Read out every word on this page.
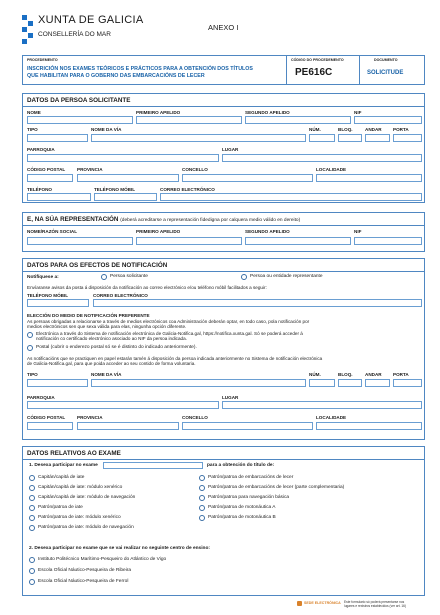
XUNTA DE GALICIA
CONSELLERÍA DO MAR
ANEXO I
PROCEDEMENTO
INSCRICIÓN NOS EXAMES TEÓRICOS E PRÁCTICOS PARA A OBTENCIÓN DOS TÍTULOS
QUE HABILITAN PARA O GOBERNO DAS EMBARCACIÓNS DE LECER
CÓDIGO DO PROCEDEMENTO
PE616C
DOCUMENTO
SOLICITUDE
DATOS DA PERSOA SOLICITANTE
NOME	PRIMEIRO APELIDO	SEGUNDO APELIDO	NIF
TIPO	NOME DA VÍA	NÚM.	BLOQ.	ANDAR PORTA
PARROQUIA	LUGAR
CÓDIGO POSTAL	PROVINCIA	CONCELLO	LOCALIDADE
TELÉFONO	TELÉFONO MÓBIL	CORREO ELECTRÓNICO
E, NA SÚA REPRESENTACIÓN (deberá acreditarse a representación fidedigna por calquera medio válido en dereito)
NOME/RAZÓN SOCIAL	PRIMEIRO APELIDO	SEGUNDO APELIDO	NIF
DATOS PARA OS EFECTOS DE NOTIFICACIÓN
Notifíquese a:	Persoa solicitante	Persoa ou entidade representante
Envíaranse avisos da posta á disposición da notificación ao correo electrónico e/ou teléfono móbil facilitados a seguir:
TELÉFONO MÓBIL	CORREO ELECTRÓNICO
ELECCIÓN DO MEDIO DE NOTIFICACIÓN PREFERENTE
As persoas obrigadas a relacionarse a través de medios electrónicos coa Administración deberán optar, en todo caso, pola notificación por
medios electrónicos sen que sexa válida para elas, ningunha opción diferente.
Electrónica a través do Sistema de notificación electrónica de Galicia-Notifica.gal, https://notifica.xunta.gal. Só se poderá acceder á
notificación co certificado electrónico asociado ao NIF da persoa indicada.
Postal (cubrir o enderezo postal só se é distinto do indicado anteriormente).
As notificacións que se practiquen en papel estarán tamén á disposición da persoa indicada anteriormente no Sistema de notificación electrónica
de Galicia-Notifica.gal, para que poida acceder ao seu contido de forma voluntaria.
TIPO	NOME DA VÍA	NÚM.	BLOQ.	ANDAR PORTA
PARROQUIA	LUGAR
CÓDIGO POSTAL	PROVINCIA	CONCELLO	LOCALIDADE
DATOS RELATIVOS AO EXAME
1. Desexa participar no exame	para a obtención do título de:
Capitán/capitá de iate
Capitán/capitá de iate: módulo xenérico
Capitán/capitá de iate: módulo de navegación
Patrón/patroa de iate
Patrón/patroa de iate: módulo xenérico
Patrón/patroa de iate: módulo de navegación
Patrón/patroa de embarcacións de lecer
Patrón/patroa de embarcacións de lecer (parte complementaria)
Patrón/patroa para navegación básica
Patrón/patroa de motonáutica A
Patrón/patroa de motonáutica B
2. Desexa participar no exame que se vai realizar no seguinte centro de ensino:
Instituto Politécnico Marítimo-Pesqueiro do Atlántico de Vigo
Escola Oficial Náutico-Pesqueira de Ribeira
Escola Oficial Náutico-Pesqueira de Ferrol
SEDE ELECTRÓNICA Este formulario só poderá presentarse nos
lugares e rexistros establecidos (ver art. 16)
